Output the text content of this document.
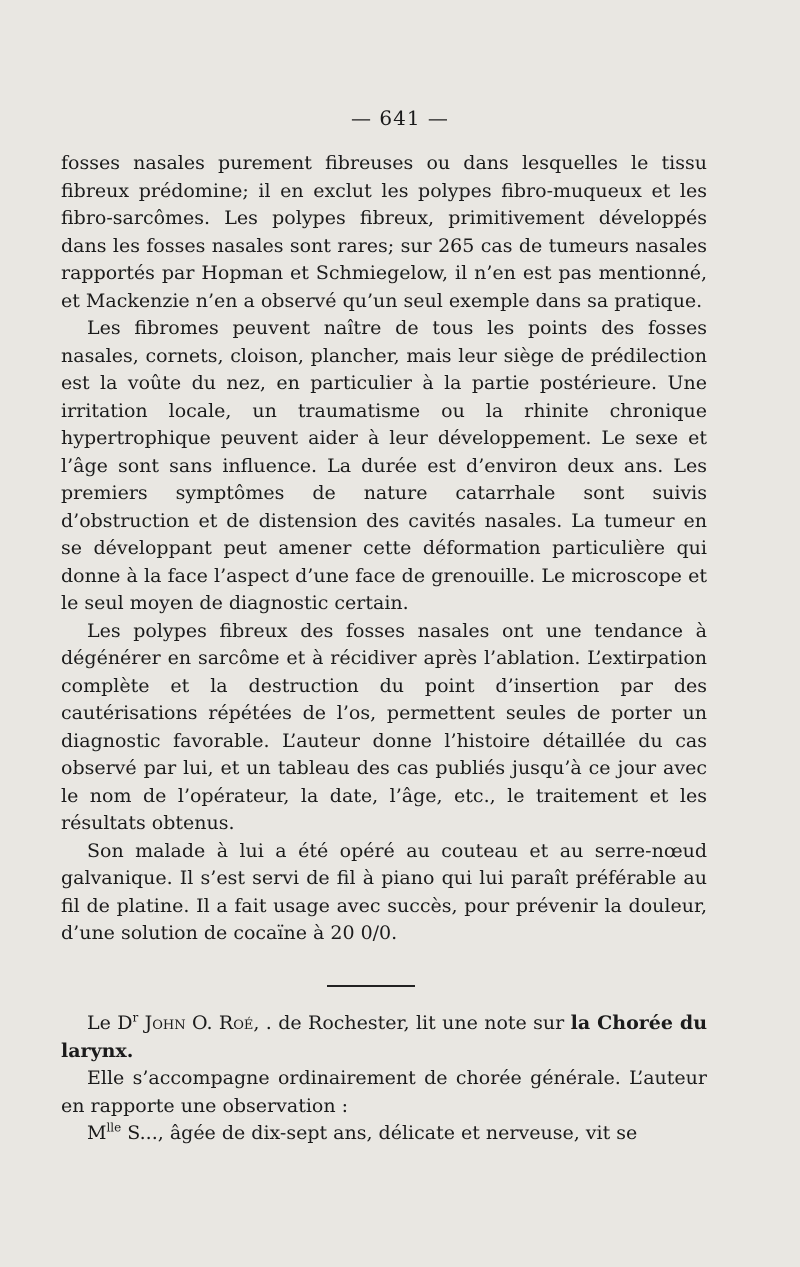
— 641 —

fosses nasales purement fibreuses ou dans lesquelles le tissu fibreux prédomine; il en exclut les polypes fibro-muqueux et les fibro-sarcômes. Les polypes fibreux, primitivement développés dans les fosses nasales sont rares; sur 265 cas de tumeurs nasales rapportés par Hopman et Schmiegelow, il n’en est pas mentionné, et Mackenzie n’en a observé qu’un seul exemple dans sa pratique.

Les fibromes peuvent naître de tous les points des fosses nasales, cornets, cloison, plancher, mais leur siège de prédilection est la voûte du nez, en particulier à la partie postérieure. Une irritation locale, un traumatisme ou la rhinite chronique hypertrophique peuvent aider à leur développement. Le sexe et l’âge sont sans influence. La durée est d’environ deux ans. Les premiers symptômes de nature catarrhale sont suivis d’obstruction et de distension des cavités nasales. La tumeur en se développant peut amener cette déformation particulière qui donne à la face l’aspect d’une face de grenouille. Le microscope et le seul moyen de diagnostic certain.

Les polypes fibreux des fosses nasales ont une tendance à dégénérer en sarcôme et à récidiver après l’ablation. L’extirpation complète et la destruction du point d’insertion par des cautérisations répétées de l’os, permettent seules de porter un diagnostic favorable. L’auteur donne l’histoire détaillée du cas observé par lui, et un tableau des cas publiés jusqu’à ce jour avec le nom de l’opérateur, la date, l’âge, etc., le traitement et les résultats obtenus.

Son malade à lui a été opéré au couteau et au serre-nœud galvanique. Il s’est servi de fil à piano qui lui paraît préférable au fil de platine. Il a fait usage avec succès, pour prévenir la douleur, d’une solution de cocaïne à 20 0/0.

Le $D^r$ John O. Roé, . de Rochester, lit une note sur la Chorée du larynx.

Elle s’accompagne ordinairement de chorée générale. L’auteur en rapporte une observation :

$M^{lle}$ S..., âgée de dix-sept ans, délicate et nerveuse, vit se
